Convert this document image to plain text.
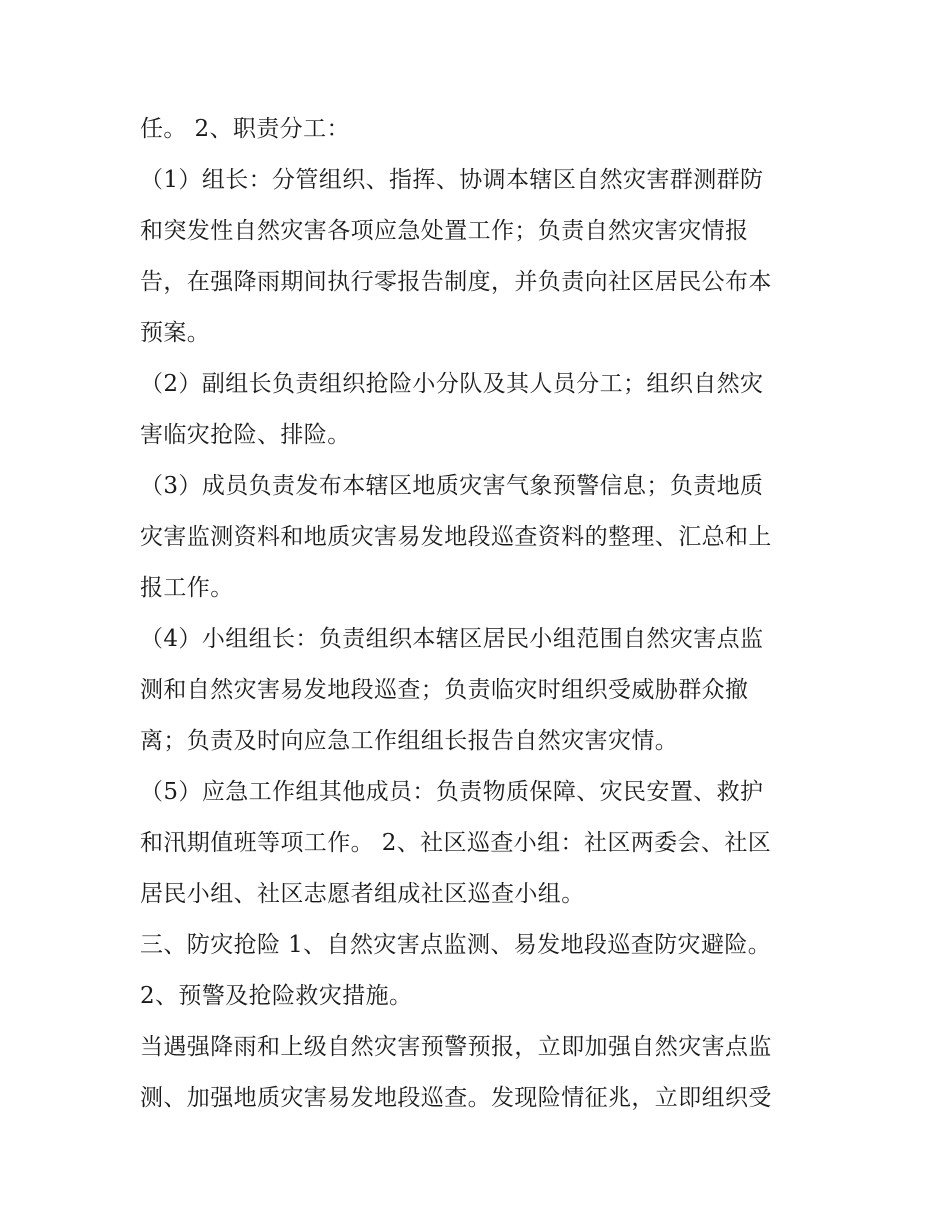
任。 2、职责分工：
（1）组长：分管组织、指挥、协调本辖区自然灾害群测群防
和突发性自然灾害各项应急处置工作；负责自然灾害灾情报
告，在强降雨期间执行零报告制度，并负责向社区居民公布本
预案。
（2）副组长负责组织抢险小分队及其人员分工；组织自然灾
害临灾抢险、排险。
（3）成员负责发布本辖区地质灾害气象预警信息；负责地质
灾害监测资料和地质灾害易发地段巡查资料的整理、汇总和上
报工作。
（4）小组组长：负责组织本辖区居民小组范围自然灾害点监
测和自然灾害易发地段巡查；负责临灾时组织受威胁群众撤
离；负责及时向应急工作组组长报告自然灾害灾情。
（5）应急工作组其他成员：负责物质保障、灾民安置、救护
和汛期值班等项工作。 2、社区巡查小组：社区两委会、社区
居民小组、社区志愿者组成社区巡查小组。
三、防灾抢险 1、自然灾害点监测、易发地段巡查防灾避险。
2、预警及抢险救灾措施。
当遇强降雨和上级自然灾害预警预报，立即加强自然灾害点监
测、加强地质灾害易发地段巡查。发现险情征兆，立即组织受
